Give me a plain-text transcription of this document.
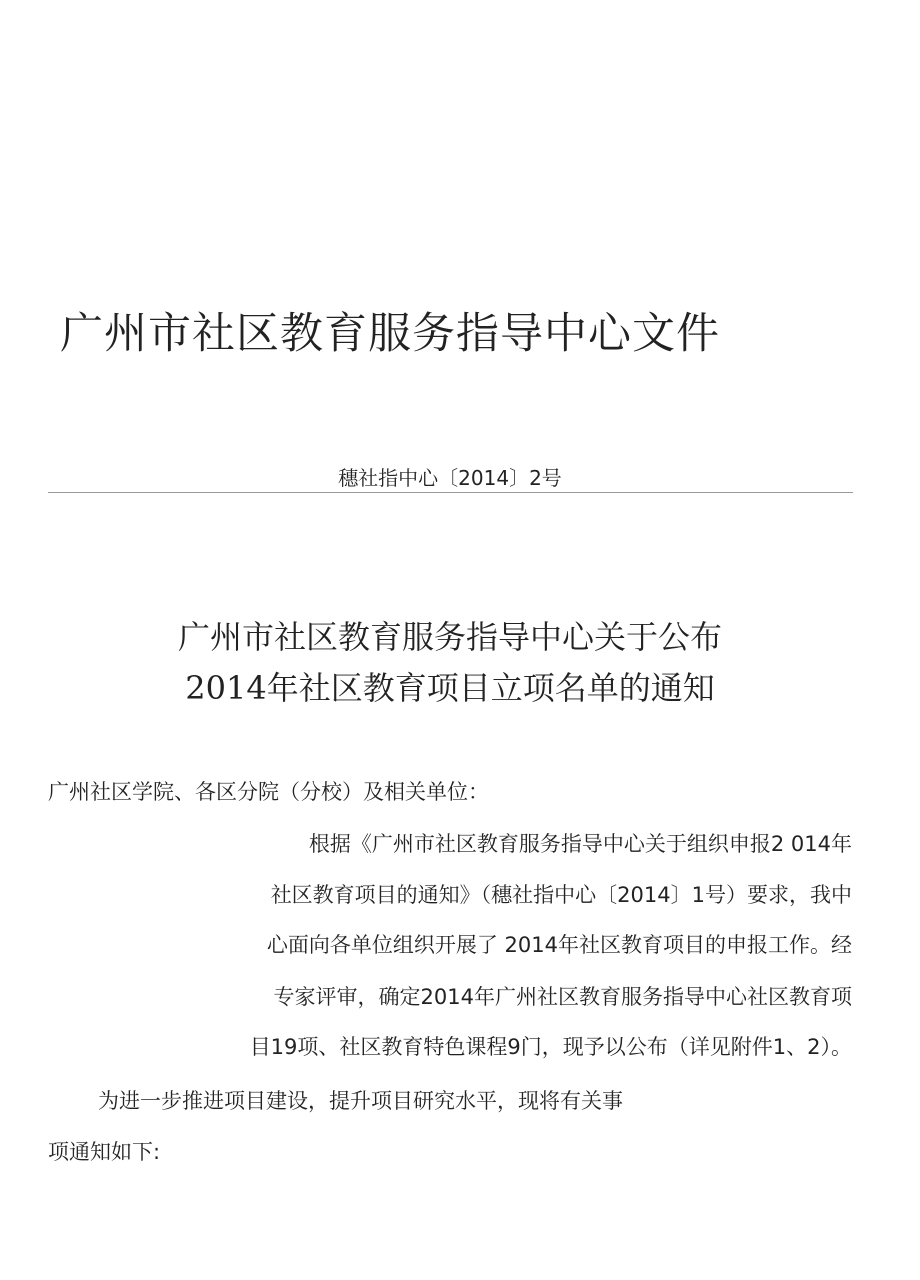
广州市社区教育服务指导中心文件
穗社指中心〔2014〕2号
广州市社区教育服务指导中心关于公布
2014年社区教育项目立项名单的通知
广州社区学院、各区分院（分校）及相关单位：
根据《广州市社区教育服务指导中心关于组织申报2 014年
社区教育项目的通知》（穗社指中心〔2014〕1号）要求，我中
心面向各单位组织开展了 2014年社区教育项目的申报工作。经
专家评审，确定2014年广州社区教育服务指导中心社区教育项
目19项、社区教育特色课程9门，现予以公布（详见附件1、2）。
为进一步推进项目建设，提升项目研究水平，现将有关事
项通知如下:
